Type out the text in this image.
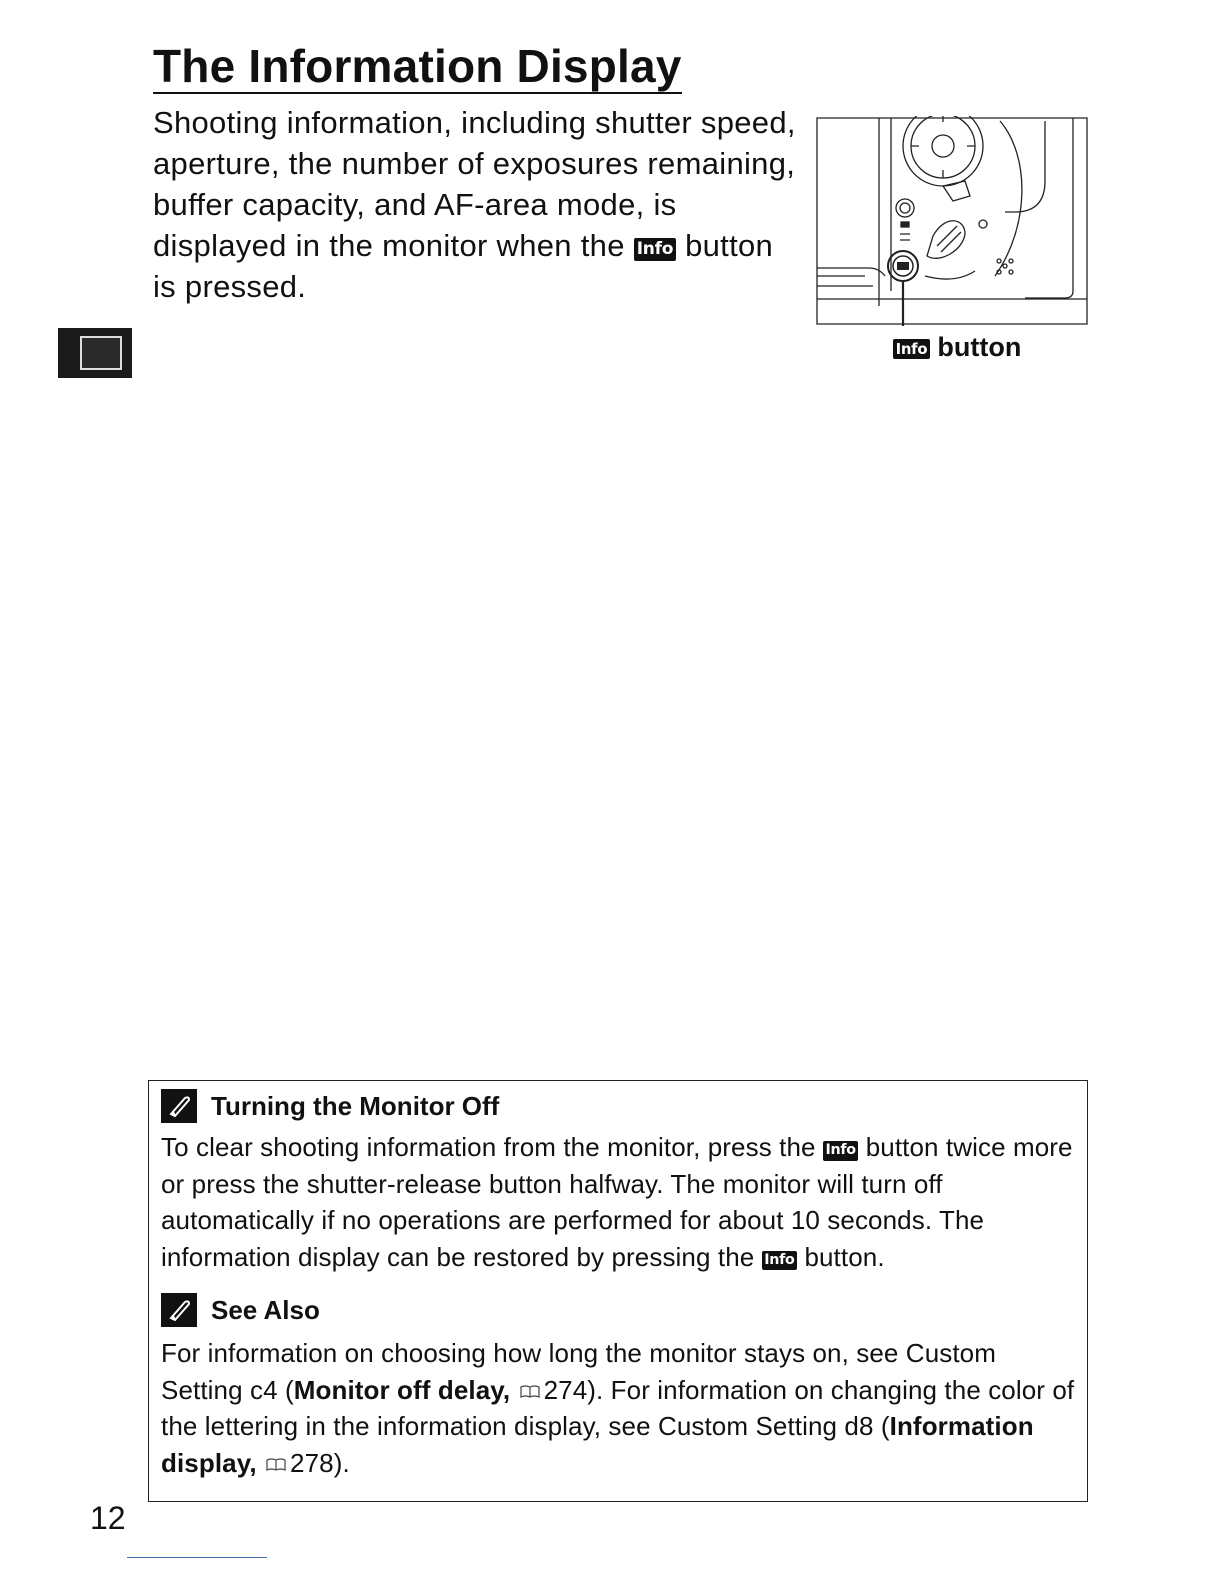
The Information Display

Shooting information, including shutter speed, aperture, the number of exposures remaining, buffer capacity, and AF-area mode, is displayed in the monitor when the Info button is pressed.

Info button
Turning the Monitor Off

To clear shooting information from the monitor, press the Info button twice more or press the shutter-release button halfway. The monitor will turn off automatically if no operations are performed for about 10 seconds. The information display can be restored by pressing the Info button.

See Also

For information on choosing how long the monitor stays on, see Custom Setting c4 (Monitor off delay, 274). For information on changing the color of the lettering in the information display, see Custom Setting d8 (Information display, 278).

12
